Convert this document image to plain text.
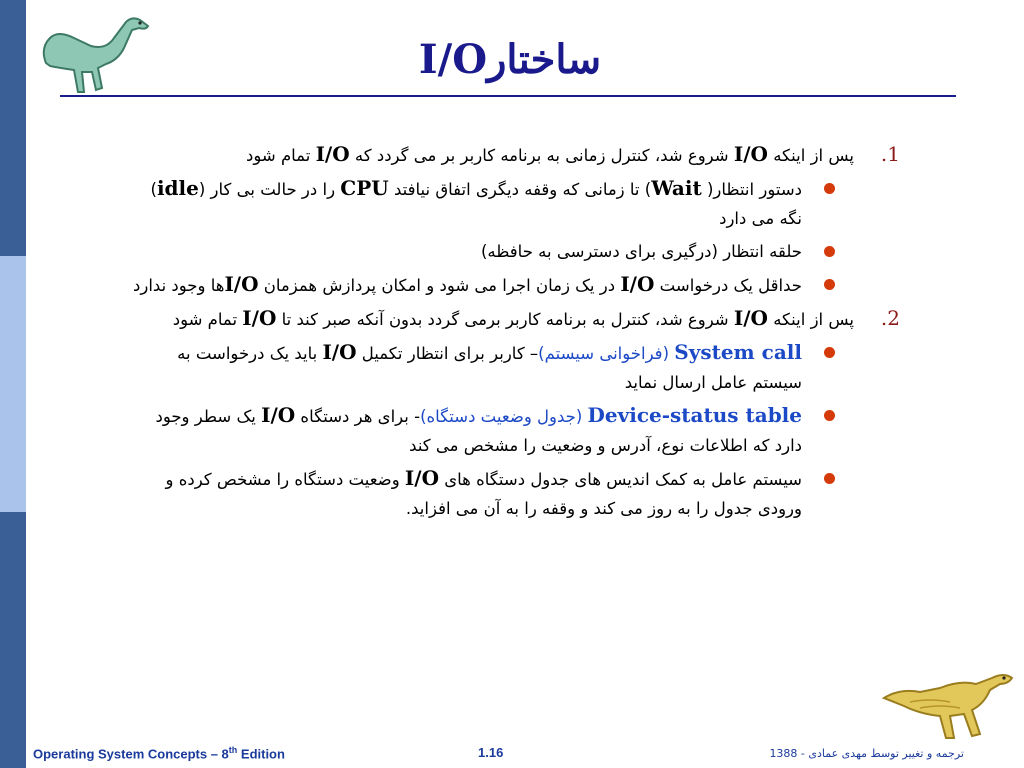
ساختارI/O
1.
پس از اینکه I/O شروع شد، کنترل زمانی به برنامه کاربر بر می گردد که I/O تمام شود
دستور انتظار( Wait) تا زمانی که وقفه دیگری اتفاق نیافتد CPU را در حالت بی کار (idle) نگه می دارد
حلقه انتظار (درگیری برای دسترسی به حافظه)
حداقل یک درخواست I/O در یک زمان اجرا می شود و امکان پردازش همزمان I/Oها وجود ندارد
2.
پس از اینکه I/O شروع شد، کنترل به برنامه کاربر برمی گردد بدون آنکه صبر کند تا I/O تمام شود
System call (فراخوانی سیستم)– کاربر برای انتظار تکمیل I/O باید یک درخواست به سیستم عامل ارسال نماید
Device-status table (جدول وضعیت دستگاه)- برای هر دستگاه I/O یک سطر وجود دارد که اطلاعات نوع، آدرس و وضعیت را مشخص می کند
سیستم عامل به کمک اندیس های جدول دستگاه های I/O وضعیت دستگاه را مشخص کرده و ورودی جدول را به روز می کند و وقفه را به آن می افزاید.
Operating System Concepts – 8th Edition	1.16	ترجمه و تغییر توسط مهدی عمادی - 1388
